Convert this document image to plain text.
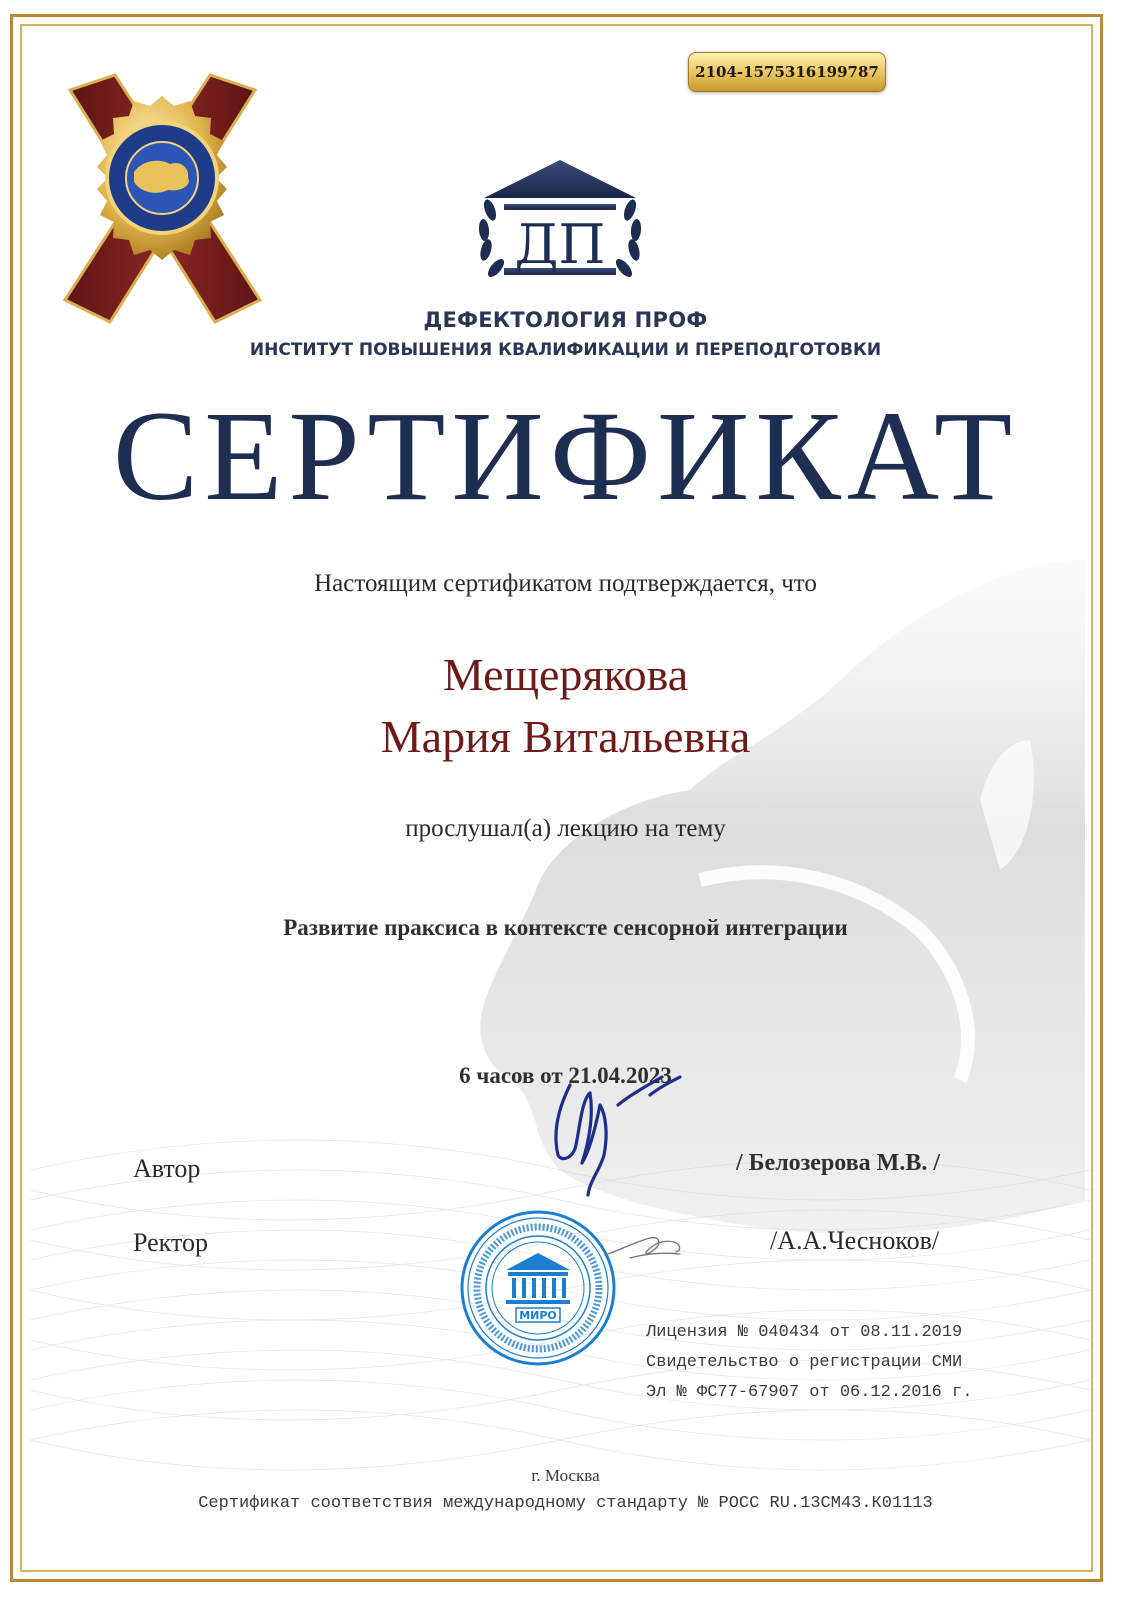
2104-1575316199787
ДП
ДЕФЕКТОЛОГИЯ ПРОФ
ИНСТИТУТ ПОВЫШЕНИЯ КВАЛИФИКАЦИИ И ПЕРЕПОДГОТОВКИ
СЕРТИФИКАТ
Настоящим сертификатом подтверждается, что
Мещерякова
Мария Витальевна
прослушал(а) лекцию на тему
Развитие праксиса в контексте сенсорной интеграции
6 часов от 21.04.2023
Автор
Ректор
/ Белозерова М.В. /
/А.А.Чесноков/
МИРО
Лицензия № 040434 от 08.11.2019
Свидетельство о регистрации СМИ
Эл № ФС77-67907 от 06.12.2016 г.
г. Москва
Сертификат соответствия международному стандарту № РОСС RU.13СМ43.К01113
